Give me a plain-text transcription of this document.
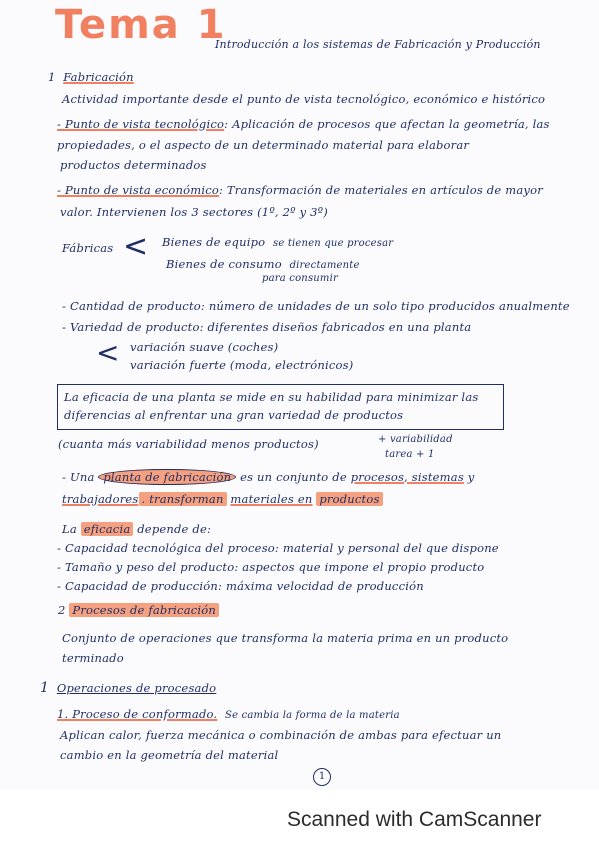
Tema 1
Introducción a los sistemas de Fabricación y Producción
1 Fabricación
Actividad importante desde el punto de vista tecnológico, económico e histórico
- Punto de vista tecnológico: Aplicación de procesos que afectan la geometría, las
propiedades, o el aspecto de un determinado material para elaborar
productos determinados
- Punto de vista económico: Transformación de materiales en artículos de mayor
valor. Intervienen los 3 sectores (1º, 2º y 3º)
Fábricas < Bienes de equipo se tienen que procesar
Bienes de consumo directamente
para consumir
- Cantidad de producto: número de unidades de un solo tipo producidos anualmente
- Variedad de producto: diferentes diseños fabricados en una planta
< variación suave (coches)
variación fuerte (moda, electrónicos)
La eficacia de una planta se mide en su habilidad para minimizar las
diferencias al enfrentar una gran variedad de productos
(cuanta más variabilidad menos productos)	+ variabilidad
tarea + 1
- Una planta de fabricación es un conjunto de procesos, sistemas y
trabajadores . transforman materiales en productos
La eficacia depende de:
- Capacidad tecnológica del proceso: material y personal del que dispone
- Tamaño y peso del producto: aspectos que impone el propio producto
- Capacidad de producción: máxima velocidad de producción
2 Procesos de fabricación
Conjunto de operaciones que transforma la materia prima en un producto
terminado
1 Operaciones de procesado
1. Proceso de conformado. Se cambia la forma de la materia
Aplican calor, fuerza mecánica o combinación de ambas para efectuar un
cambio en la geometría del material
1
Scanned with CamScanner
